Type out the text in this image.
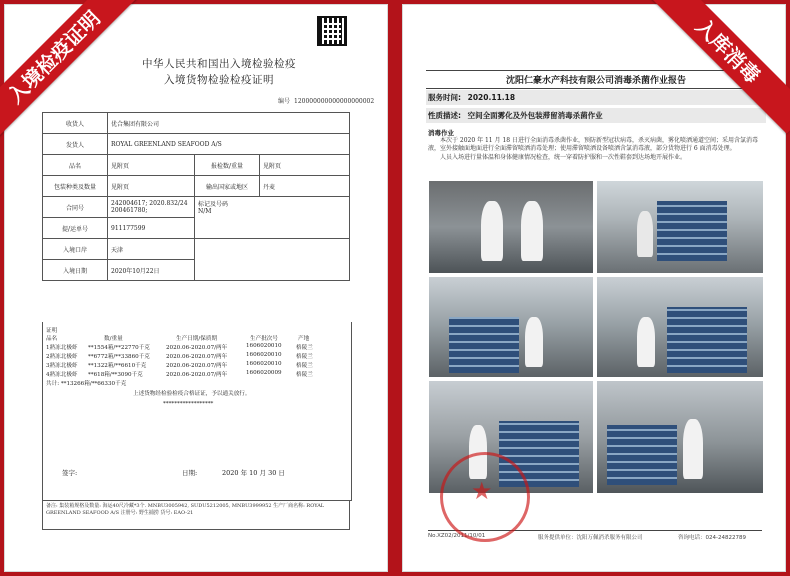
入境检疫证明	入库消毒
中华人民共和国出入境检验检疫
入境货物检验检疫证明
编号 120000000000000000002
收货人	优合集团有限公司		
发货人	ROYAL GREENLAND SEAFOOD A/S		
品名	见附页	报检数/重量	见附页
包装种类及数量	见附页	输出国家或地区	丹麦
合同号	242004617; 2020.832/24200461780;	标记及号码
N/M	

提/运单号	911177599		
入境口岸	天津		
入境日期	2020年10月22日		
证明
品名	数/重量	生产日期/保质期	生产批次号	产地
1熟冻北极虾 **1554箱/**22770千克	2020.06-2020.07/两年	1606020010	格陵兰
2熟冻北极虾 **6772箱/**33860千克	2020.06-2020.07/两年	1606020010	格陵兰
3熟冻北极虾 **1322箱/**6610千克	2020.06-2020.07/两年	1606020010	格陵兰
4熟冻北极虾 **618箱/**3090千克	2020.06-2020.07/两年	1606020009	格陵兰
共计: **13266箱/**66330千克
上述货物经检验检疫合格证证，予以通关放行。
******************
签字:	日期:	2020 年 10 月 30 日
备注: 集装箱规格及数量: 海运40尺冷藏*3个. MNBU3005942, SUDU5212005, MNBU3999952 生产厂商名称: ROYAL GREENLAND SEAFOOD A/S 注册号: 野生捕捞 货号: EAO-21
沈阳仁豪水产科技有限公司消毒杀菌作业报告
服务时间: 2020.11.18
性质描述: 空间全面雾化及外包装滞留消毒杀菌作业
消毒作业

本次于 2020 年 11 月 18 日进行全面消毒杀菌作业，预防新型冠状病毒，杀灭病菌，雾化喷洒通道空间；采用含氯消毒液，室外接触面地面进行全面滞留喷洒消毒处理；使用滞留喷洒设备喷洒含氯消毒液，部分货物进行 6 面消毒处理。

人员入场进行量体温和身体健康情况检查，统一穿着防护服和一次性鞋套到达场地开展作业。

No.XZ02/2011/10/01	服务提供单位：沈阳万佩消杀服务有限公司	咨询电话：024-24822789
★
